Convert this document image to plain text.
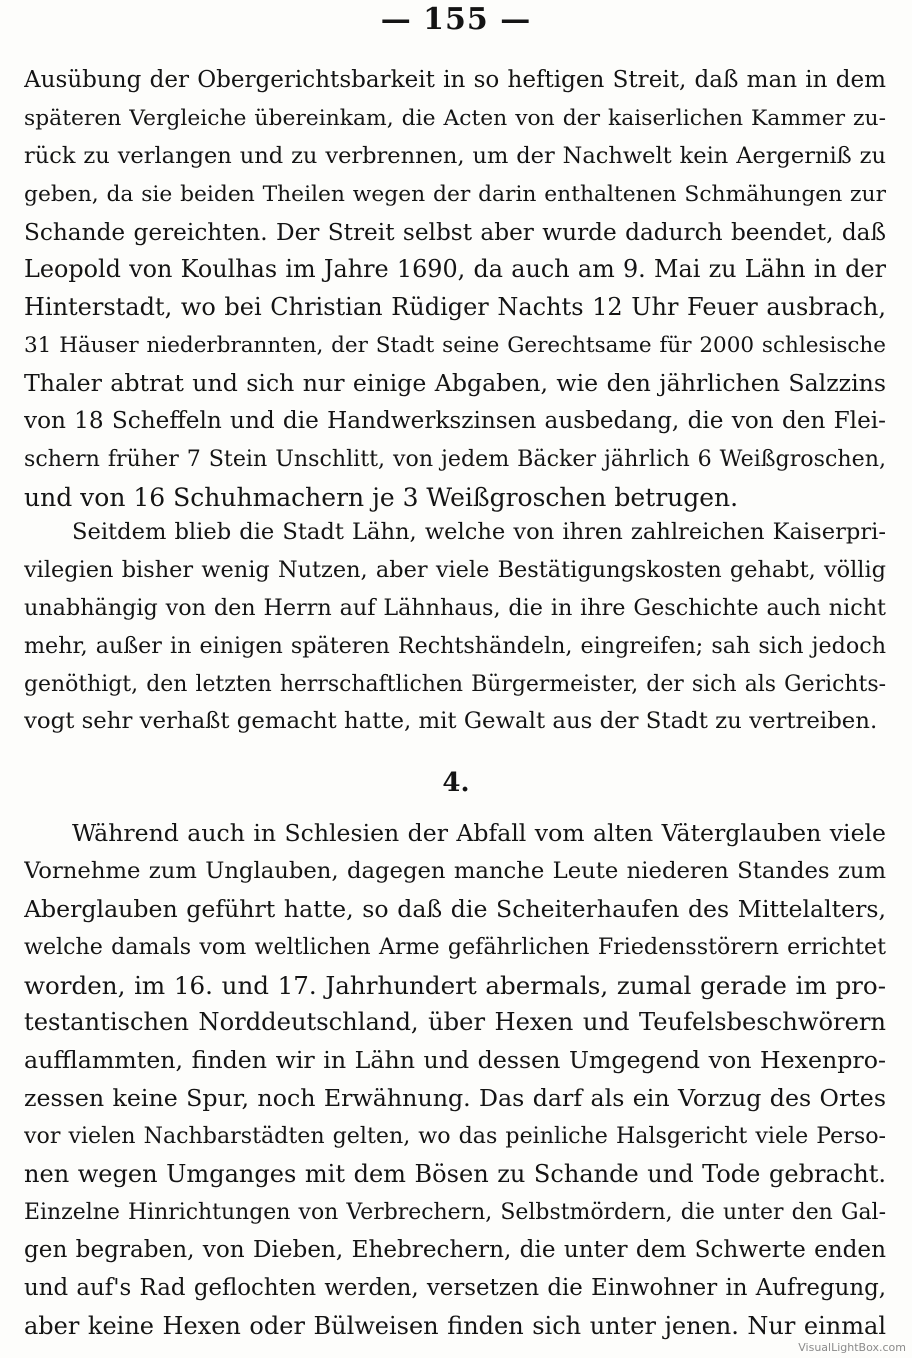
— 155 —
Ausübung der Obergerichtsbarkeit in so heftigen Streit, daß man in dem
späteren Vergleiche übereinkam, die Acten von der kaiserlichen Kammer zu-
rück zu verlangen und zu verbrennen, um der Nachwelt kein Aergerniß zu
geben, da sie beiden Theilen wegen der darin enthaltenen Schmähungen zur
Schande gereichten. Der Streit selbst aber wurde dadurch beendet, daß
Leopold von Koulhas im Jahre 1690, da auch am 9. Mai zu Lähn in der
Hinterstadt, wo bei Christian Rüdiger Nachts 12 Uhr Feuer ausbrach,
31 Häuser niederbrannten, der Stadt seine Gerechtsame für 2000 schlesische
Thaler abtrat und sich nur einige Abgaben, wie den jährlichen Salzzins
von 18 Scheffeln und die Handwerkszinsen ausbedang, die von den Flei-
schern früher 7 Stein Unschlitt, von jedem Bäcker jährlich 6 Weißgroschen,
und von 16 Schuhmachern je 3 Weißgroschen betrugen.
Seitdem blieb die Stadt Lähn, welche von ihren zahlreichen Kaiserpri-
vilegien bisher wenig Nutzen, aber viele Bestätigungskosten gehabt, völlig
unabhängig von den Herrn auf Lähnhaus, die in ihre Geschichte auch nicht
mehr, außer in einigen späteren Rechtshändeln, eingreifen; sah sich jedoch
genöthigt, den letzten herrschaftlichen Bürgermeister, der sich als Gerichts-
vogt sehr verhaßt gemacht hatte, mit Gewalt aus der Stadt zu vertreiben.
4.
Während auch in Schlesien der Abfall vom alten Väterglauben viele
Vornehme zum Unglauben, dagegen manche Leute niederen Standes zum
Aberglauben geführt hatte, so daß die Scheiterhaufen des Mittelalters,
welche damals vom weltlichen Arme gefährlichen Friedensstörern errichtet
worden, im 16. und 17. Jahrhundert abermals, zumal gerade im pro-
testantischen Norddeutschland, über Hexen und Teufelsbeschwörern
aufflammten, finden wir in Lähn und dessen Umgegend von Hexenpro-
zessen keine Spur, noch Erwähnung. Das darf als ein Vorzug des Ortes
vor vielen Nachbarstädten gelten, wo das peinliche Halsgericht viele Perso-
nen wegen Umganges mit dem Bösen zu Schande und Tode gebracht.
Einzelne Hinrichtungen von Verbrechern, Selbstmördern, die unter den Gal-
gen begraben, von Dieben, Ehebrechern, die unter dem Schwerte enden
und auf's Rad geflochten werden, versetzen die Einwohner in Aufregung,
aber keine Hexen oder Bülweisen finden sich unter jenen. Nur einmal
VisualLightBox.com
